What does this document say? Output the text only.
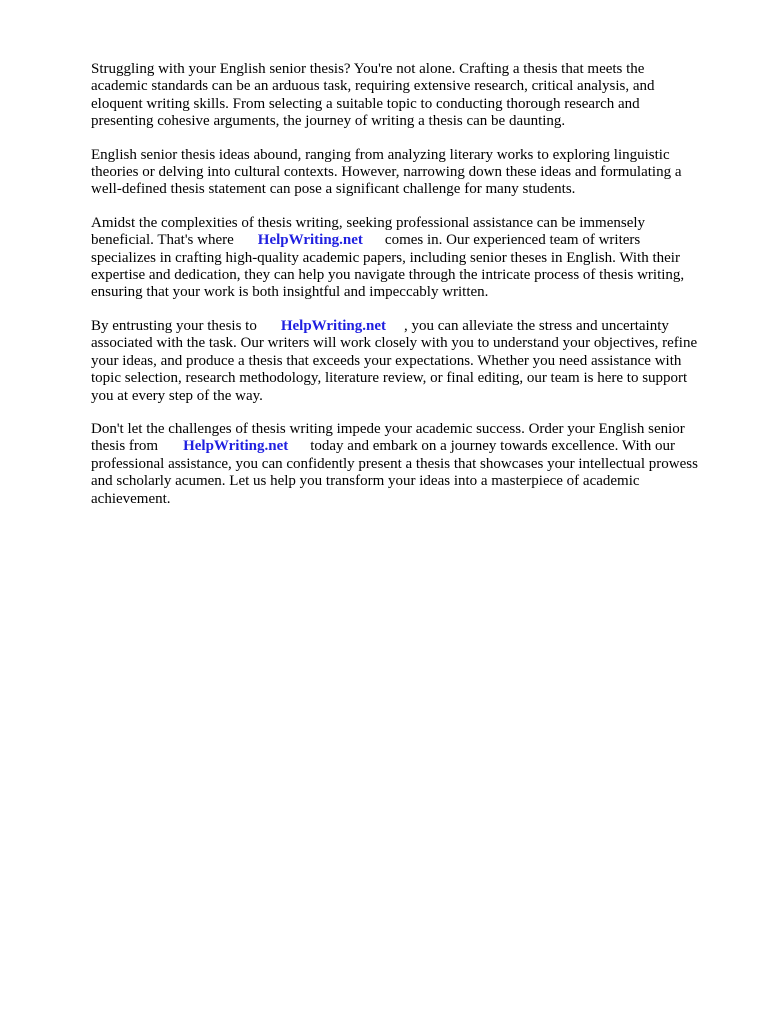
Struggling with your English senior thesis? You're not alone. Crafting a thesis that meets the
academic standards can be an arduous task, requiring extensive research, critical analysis, and
eloquent writing skills. From selecting a suitable topic to conducting thorough research and
presenting cohesive arguments, the journey of writing a thesis can be daunting.

English senior thesis ideas abound, ranging from analyzing literary works to exploring linguistic
theories or delving into cultural contexts. However, narrowing down these ideas and formulating a
well-defined thesis statement can pose a significant challenge for many students.

Amidst the complexities of thesis writing, seeking professional assistance can be immensely
beneficial. That's where HelpWriting.net comes in. Our experienced team of writers
specializes in crafting high-quality academic papers, including senior theses in English. With their
expertise and dedication, they can help you navigate through the intricate process of thesis writing,
ensuring that your work is both insightful and impeccably written.

By entrusting your thesis to HelpWriting.net , you can alleviate the stress and uncertainty
associated with the task. Our writers will work closely with you to understand your objectives, refine
your ideas, and produce a thesis that exceeds your expectations. Whether you need assistance with
topic selection, research methodology, literature review, or final editing, our team is here to support
you at every step of the way.

Don't let the challenges of thesis writing impede your academic success. Order your English senior
thesis from HelpWriting.net today and embark on a journey towards excellence. With our
professional assistance, you can confidently present a thesis that showcases your intellectual prowess
and scholarly acumen. Let us help you transform your ideas into a masterpiece of academic
achievement.
